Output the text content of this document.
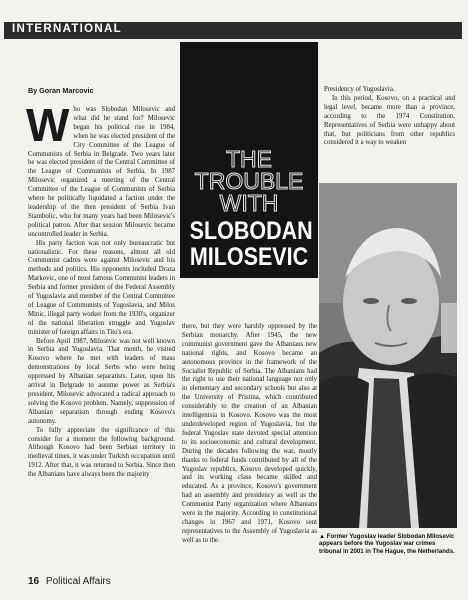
INTERNATIONAL
By Goran Marcovic
W ho was Slobodan Milosevic and what did he stand for? Milosevic began his political rise in 1984, when he was elected president of the City Committee of the League of Communists of Serbia in Belgrade. Two years later he was elected president of the Central Committee of the League of Communists of Serbia. In 1987 Milosevic organized a meeting of the Central Committee of the League of Communists of Serbia where he politically liquidated a faction under the leadership of the then president of Serbia Ivan Stambolic, who for many years had been Milosevic's political patron. After that session Milosevic became uncontrolled leader in Serbia.

His party faction was not only bureaucratic but nationalistic. For these reasons, almost all old Communist cadres were against Milosevic and his methods and politics. His opponents included Draza Markovic, one of most famous Communist leaders in Serbia and former president of the Federal Assembly of Yugoslavia and member of the Central Committee of League of Communists of Yugoslavia, and Milos Minic, illegal party worker from the 1930's, organizer of the national liberation struggle and Yugoslav minister of foreign affairs in Tito's era.

Before April 1987, Milosevic was not well known in Serbia and Yugoslavia. That month, he visited Kosovo where he met with leaders of mass demonstrations by local Serbs who were being oppressed by Albanian separatists. Later, upon his arrival in Belgrade to assume power as Serbia's president, Milosevic advocated a radical approach to solving the Kosovo problem. Namely, suppression of Albanian separatism through ending Kosovo's autonomy.

To fully appreciate the significance of this consider for a moment the following background. Although Kosovo had been Serbian territory in medieval times, it was under Turkish occupation until 1912. After that, it was returned to Serbia. Since then the Albanians have always been the majority

THE
TROUBLE
WITH
SLOBODAN
MILOSEVIC

there, but they were harshly oppressed by the Serbian monarchy. After 1945, the new communist government gave the Albanians new national rights, and Kosovo became an autonomous province in the framework of the Socialist Republic of Serbia. The Albanians had the right to use their national language not only in elementary and secondary schools but also at the University of Pristina, which contributed considerably to the creation of an Albanian intelligentsia in Kosovo. Kosovo was the most underdeveloped region of Yugoslavia, but the federal Yugoslav state devoted special attention to its socioeconomic and cultural development. During the decades following the war, mostly thanks to federal funds contributed by all of the Yugoslav republics, Kosovo developed quickly, and its working class became skilled and educated. As a province, Kosovo's government had an assembly and presidency as well as the Communist Party organization where Albanians were in the majority. According to constitutional changes in 1967 and 1971, Kosovo sent representatives to the Assembly of Yugoslavia as well as to the

Presidency of Yugoslavia.

In this period, Kosovo, on a practical and legal level, became more than a province, according to the 1974 Constitution. Representatives of Serbia were unhappy about that, but politicians from other republics considered it a way to weaken

Michel Porro/Getty Images
▲ Former Yugoslav leader Slobodan Milosevic appears before the Yugoslav war crimes tribunal in 2001 in The Hague, the Netherlands.
16 Political Affairs
